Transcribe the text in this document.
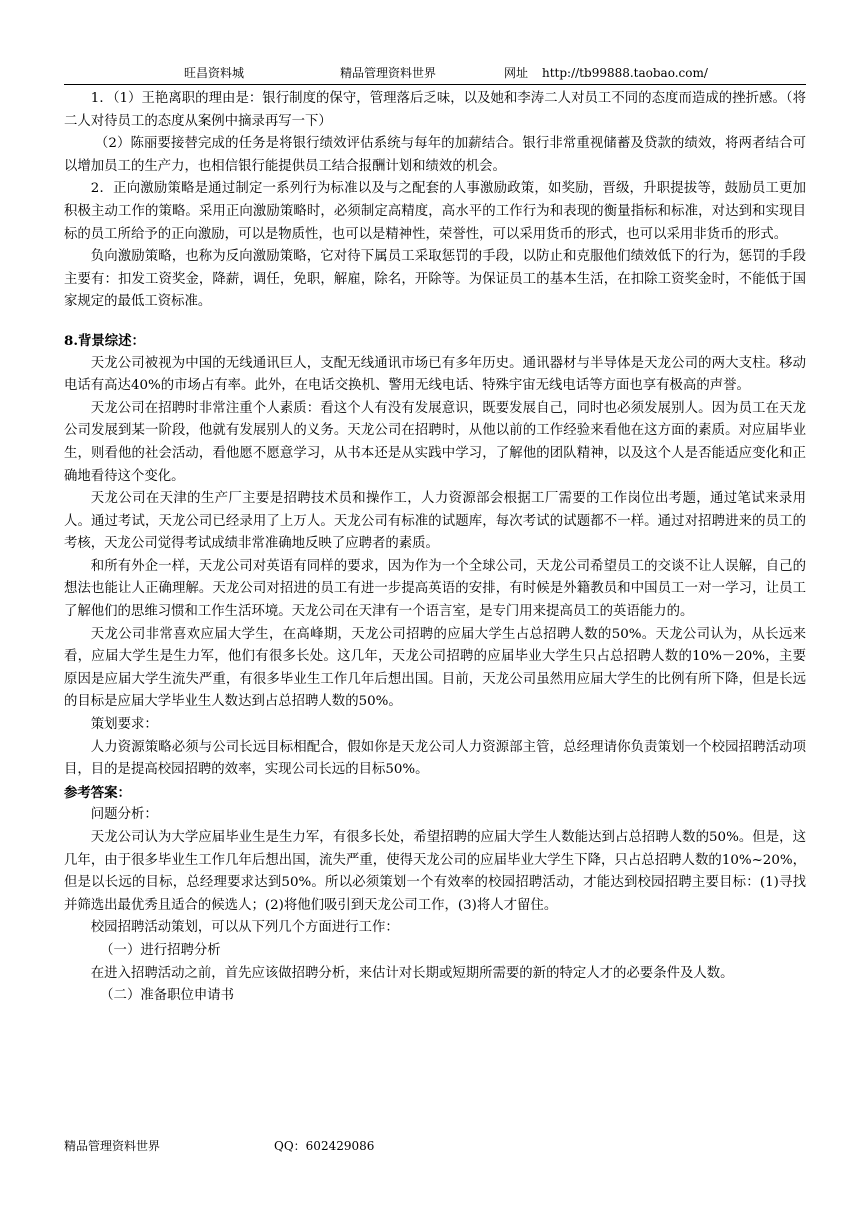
旺昌资料城	精品管理资料世界	网址 http://tb99888.taobao.com/

1．（1）王艳离职的理由是：银行制度的保守，管理落后乏味，以及她和李涛二人对员工不同的态度而造成的挫折感。（将二人对待员工的态度从案例中摘录再写一下）

（2）陈丽要接替完成的任务是将银行绩效评估系统与每年的加薪结合。银行非常重视储蓄及贷款的绩效，将两者结合可以增加员工的生产力，也相信银行能提供员工结合报酬计划和绩效的机会。

2．正向激励策略是通过制定一系列行为标准以及与之配套的人事激励政策，如奖励，晋级，升职提拔等，鼓励员工更加积极主动工作的策略。采用正向激励策略时，必须制定高精度，高水平的工作行为和表现的衡量指标和标准，对达到和实现目标的员工所给予的正向激励，可以是物质性，也可以是精神性，荣誉性，可以采用货币的形式，也可以采用非货币的形式。

负向激励策略，也称为反向激励策略，它对待下属员工采取惩罚的手段，以防止和克服他们绩效低下的行为，惩罚的手段主要有：扣发工资奖金，降薪，调任，免职，解雇，除名，开除等。为保证员工的基本生活，在扣除工资奖金时，不能低于国家规定的最低工资标准。

8.背景综述：

天龙公司被视为中国的无线通讯巨人，支配无线通讯市场已有多年历史。通讯器材与半导体是天龙公司的两大支柱。移动电话有高达40%的市场占有率。此外，在电话交换机、警用无线电话、特殊宇宙无线电话等方面也享有极高的声誉。

天龙公司在招聘时非常注重个人素质：看这个人有没有发展意识，既要发展自己，同时也必须发展别人。因为员工在天龙公司发展到某一阶段，他就有发展别人的义务。天龙公司在招聘时，从他以前的工作经验来看他在这方面的素质。对应届毕业生，则看他的社会活动，看他愿不愿意学习，从书本还是从实践中学习，了解他的团队精神，以及这个人是否能适应变化和正确地看待这个变化。

天龙公司在天津的生产厂主要是招聘技术员和操作工，人力资源部会根据工厂需要的工作岗位出考题，通过笔试来录用人。通过考试，天龙公司已经录用了上万人。天龙公司有标准的试题库，每次考试的试题都不一样。通过对招聘进来的员工的考核，天龙公司觉得考试成绩非常准确地反映了应聘者的素质。

和所有外企一样，天龙公司对英语有同样的要求，因为作为一个全球公司，天龙公司希望员工的交谈不让人误解，自己的想法也能让人正确理解。天龙公司对招进的员工有进一步提高英语的安排，有时候是外籍教员和中国员工一对一学习，让员工了解他们的思维习惯和工作生活环境。天龙公司在天津有一个语言室，是专门用来提高员工的英语能力的。

天龙公司非常喜欢应届大学生，在高峰期，天龙公司招聘的应届大学生占总招聘人数的50%。天龙公司认为，从长远来看，应届大学生是生力军，他们有很多长处。这几年，天龙公司招聘的应届毕业大学生只占总招聘人数的10%－20%，主要原因是应届大学生流失严重，有很多毕业生工作几年后想出国。目前，天龙公司虽然用应届大学生的比例有所下降，但是长远的目标是应届大学毕业生人数达到占总招聘人数的50%。

策划要求：

人力资源策略必须与公司长远目标相配合，假如你是天龙公司人力资源部主管，总经理请你负责策划一个校园招聘活动项目，目的是提高校园招聘的效率，实现公司长远的目标50%。

参考答案：

问题分析：

天龙公司认为大学应届毕业生是生力军，有很多长处，希望招聘的应届大学生人数能达到占总招聘人数的50%。但是，这几年，由于很多毕业生工作几年后想出国，流失严重，使得天龙公司的应届毕业大学生下降，只占总招聘人数的10%~20%，但是以长远的目标，总经理要求达到50%。所以必须策划一个有效率的校园招聘活动，才能达到校园招聘主要目标：(1)寻找并筛选出最优秀且适合的候选人；(2)将他们吸引到天龙公司工作，(3)将人才留住。

校园招聘活动策划，可以从下列几个方面进行工作：

（一）进行招聘分析

在进入招聘活动之前，首先应该做招聘分析，来估计对长期或短期所需要的新的特定人才的必要条件及人数。

（二）准备职位申请书

精品管理资料世界	QQ：602429086
